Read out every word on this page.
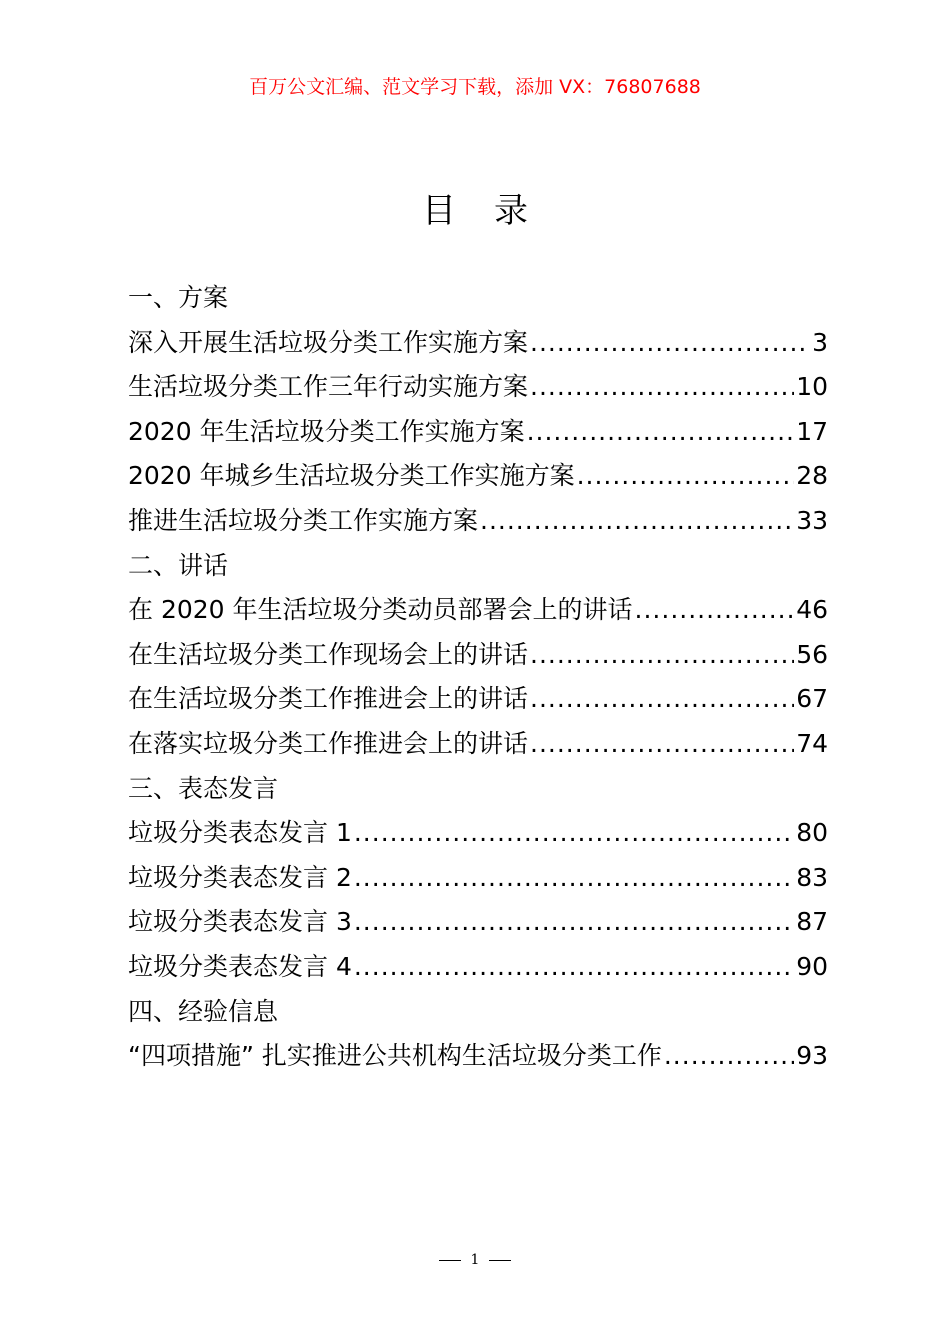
百万公文汇编、范文学习下载，添加 VX：76807688
目 录
一、方案
深入开展生活垃圾分类工作实施方案 .....	3
生活垃圾分类工作三年行动实施方案 .....	10
2020 年生活垃圾分类工作实施方案 .....	17
2020 年城乡生活垃圾分类工作实施方案 .....	28
推进生活垃圾分类工作实施方案 .....	33
二、讲话
在 2020 年生活垃圾分类动员部署会上的讲话 .....	46
在生活垃圾分类工作现场会上的讲话 .....	56
在生活垃圾分类工作推进会上的讲话 .....	67
在落实垃圾分类工作推进会上的讲话 .....	74
三、表态发言
垃圾分类表态发言 1 .....	80
垃圾分类表态发言 2 .....	83
垃圾分类表态发言 3 .....	87
垃圾分类表态发言 4 .....	90
四、经验信息
“四项措施” 扎实推进公共机构生活垃圾分类工作 .....	93
1
